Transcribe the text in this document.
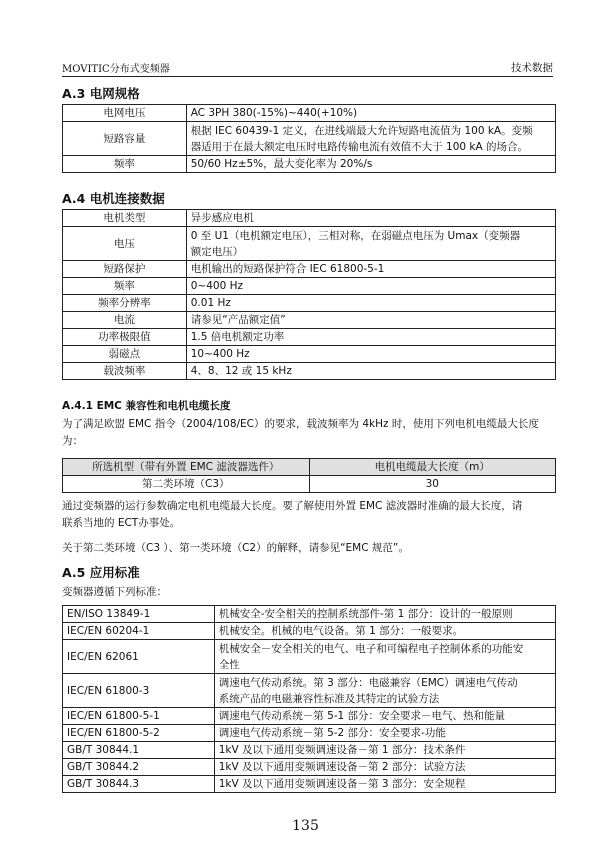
MOVITIC分布式变频器	技术数据
A.3 电网规格
电网电压	AC 3PH 380(-15%)~440(+10%)
短路容量	根据 IEC 60439-1 定义，在进线端最大允许短路电流值为 100 kA。变频
器适用于在最大额定电压时电路传输电流有效值不大于 100 kA 的场合。

频率	50/60 Hz±5%，最大变化率为 20%/s
A.4 电机连接数据
电机类型	异步感应电机
电压	0 至 U1（电机额定电压），三相对称，在弱磁点电压为 Umax（变频器
额定电压）

短路保护	电机输出的短路保护符合 IEC 61800-5-1
频率	0~400 Hz
频率分辨率	0.01 Hz
电流	请参见“产品额定值”
功率极限值	1.5 倍电机额定功率
弱磁点	10~400 Hz
载波频率	4、8、12 或 15 kHz
A.4.1 EMC 兼容性和电机电缆长度
为了满足欧盟 EMC 指令（2004/108/EC）的要求，载波频率为 4kHz 时，使用下列电机电缆最大长度
为：
所选机型（带有外置 EMC 滤波器选件）	电机电缆最大长度（m）
第二类环境（C3）	30
通过变频器的运行参数确定电机电缆最大长度。要了解使用外置 EMC 滤波器时准确的最大长度，请
联系当地的 ECT办事处。
关于第二类环境（C3 ）、第一类环境（C2）的解释，请参见“EMC 规范”。
A.5 应用标准
变频器遵循下列标准：
EN/ISO 13849-1	机械安全-安全相关的控制系统部件-第 1 部分：设计的一般原则
IEC/EN 60204-1	机械安全。机械的电气设备。第 1 部分：一般要求。
IEC/EN 62061	机械安全－安全相关的电气、电子和可编程电子控制体系的功能安
全性

IEC/EN 61800-3	调速电气传动系统。第 3 部分：电磁兼容（EMC）调速电气传动
系统产品的电磁兼容性标准及其特定的试验方法

IEC/EN 61800-5-1	调速电气传动系统－第 5-1 部分：安全要求－电气、热和能量
IEC/EN 61800-5-2	调速电气传动系统－第 5-2 部分：安全要求-功能
GB/T 30844.1	1kV 及以下通用变频调速设备－第 1 部分：技术条件
GB/T 30844.2	1kV 及以下通用变频调速设备－第 2 部分：试验方法
GB/T 30844.3	1kV 及以下通用变频调速设备－第 3 部分：安全规程
135
